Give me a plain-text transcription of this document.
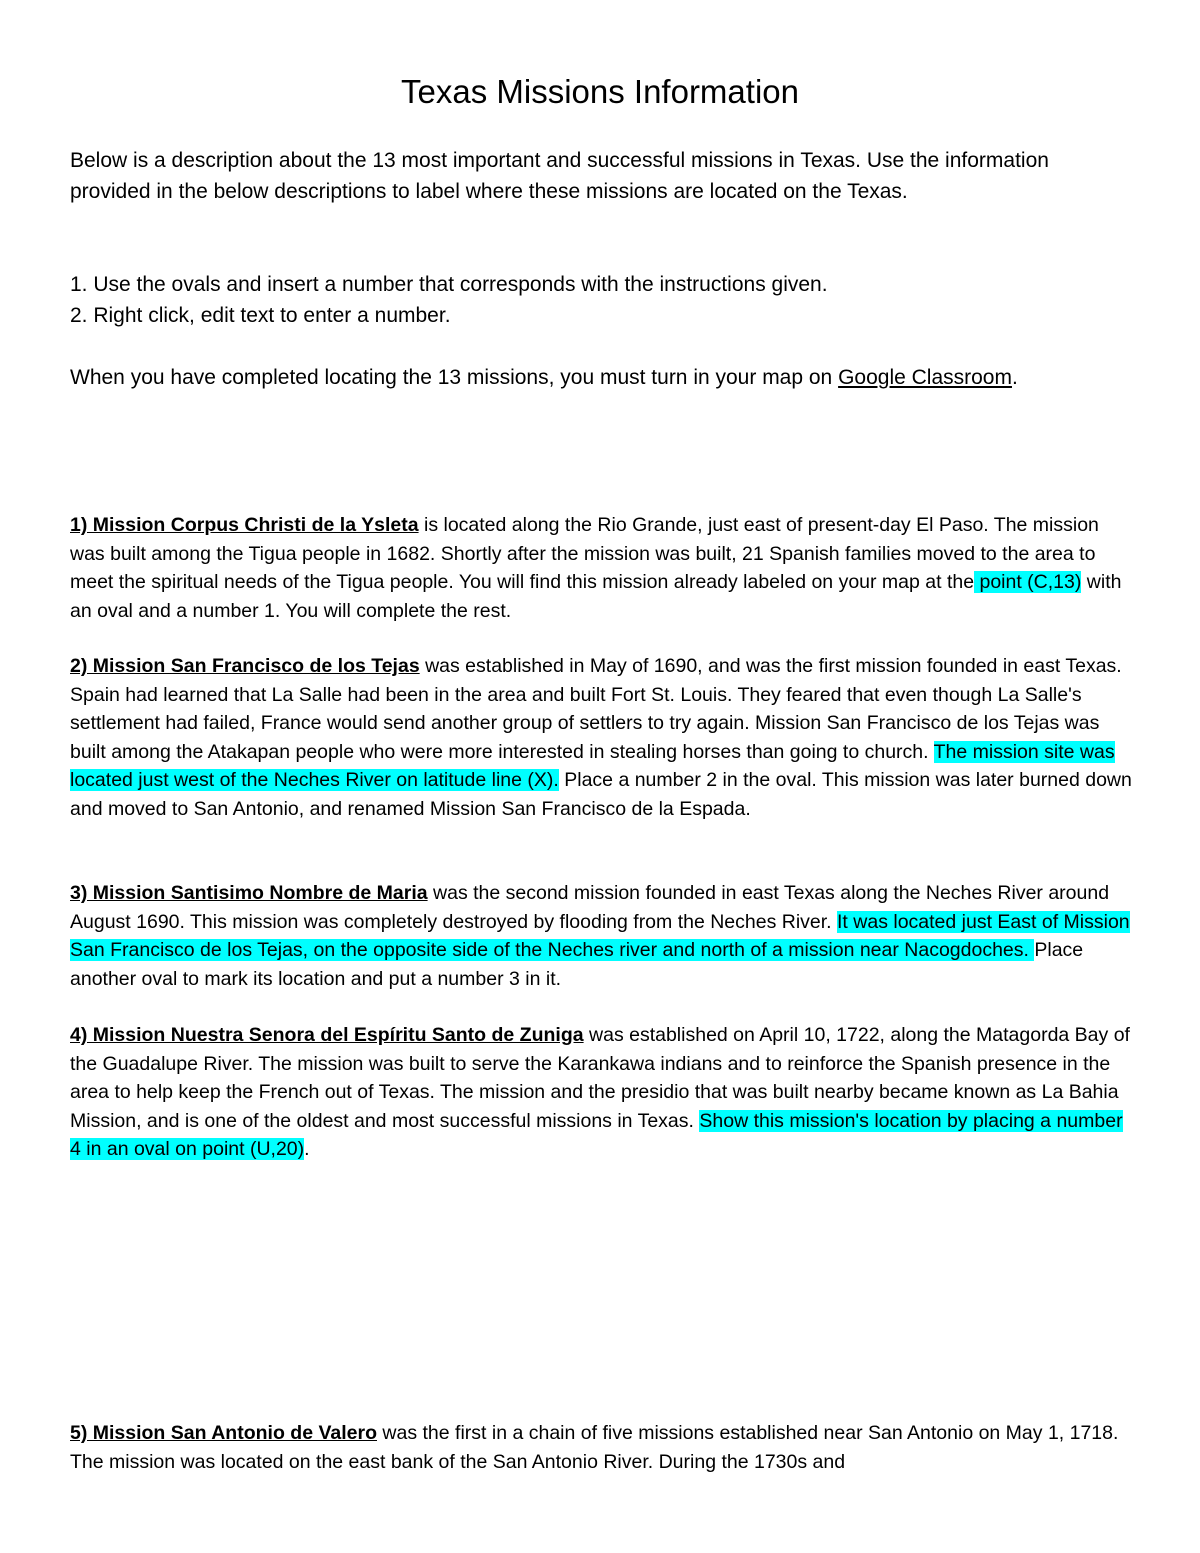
Texas Missions Information

Below is a description about the 13 most important and successful missions in Texas. Use the information provided in the below descriptions to label where these missions are located on the Texas.

1. Use the ovals and insert a number that corresponds with the instructions given.

2. Right click, edit text to enter a number.

When you have completed locating the 13 missions, you must turn in your map on Google Classroom.

1) Mission Corpus Christi de la Ysleta is located along the Rio Grande, just east of present-day El Paso. The mission was built among the Tigua people in 1682. Shortly after the mission was built, 21 Spanish families moved to the area to meet the spiritual needs of the Tigua people. You will find this mission already labeled on your map at the point (C,13) with an oval and a number 1. You will complete the rest.

2) Mission San Francisco de los Tejas was established in May of 1690, and was the first mission founded in east Texas. Spain had learned that La Salle had been in the area and built Fort St. Louis. They feared that even though La Salle's settlement had failed, France would send another group of settlers to try again. Mission San Francisco de los Tejas was built among the Atakapan people who were more interested in stealing horses than going to church. The mission site was located just west of the Neches River on latitude line (X). Place a number 2 in the oval. This mission was later burned down and moved to San Antonio, and renamed Mission San Francisco de la Espada.

3) Mission Santisimo Nombre de Maria was the second mission founded in east Texas along the Neches River around August 1690. This mission was completely destroyed by flooding from the Neches River. It was located just East of Mission San Francisco de los Tejas, on the opposite side of the Neches river and north of a mission near Nacogdoches. Place another oval to mark its location and put a number 3 in it.

4) Mission Nuestra Senora del Espíritu Santo de Zuniga was established on April 10, 1722, along the Matagorda Bay of the Guadalupe River. The mission was built to serve the Karankawa indians and to reinforce the Spanish presence in the area to help keep the French out of Texas. The mission and the presidio that was built nearby became known as La Bahia Mission, and is one of the oldest and most successful missions in Texas. Show this mission's location by placing a number 4 in an oval on point (U,20).

5) Mission San Antonio de Valero was the first in a chain of five missions established near San Antonio on May 1, 1718. The mission was located on the east bank of the San Antonio River. During the 1730s and
